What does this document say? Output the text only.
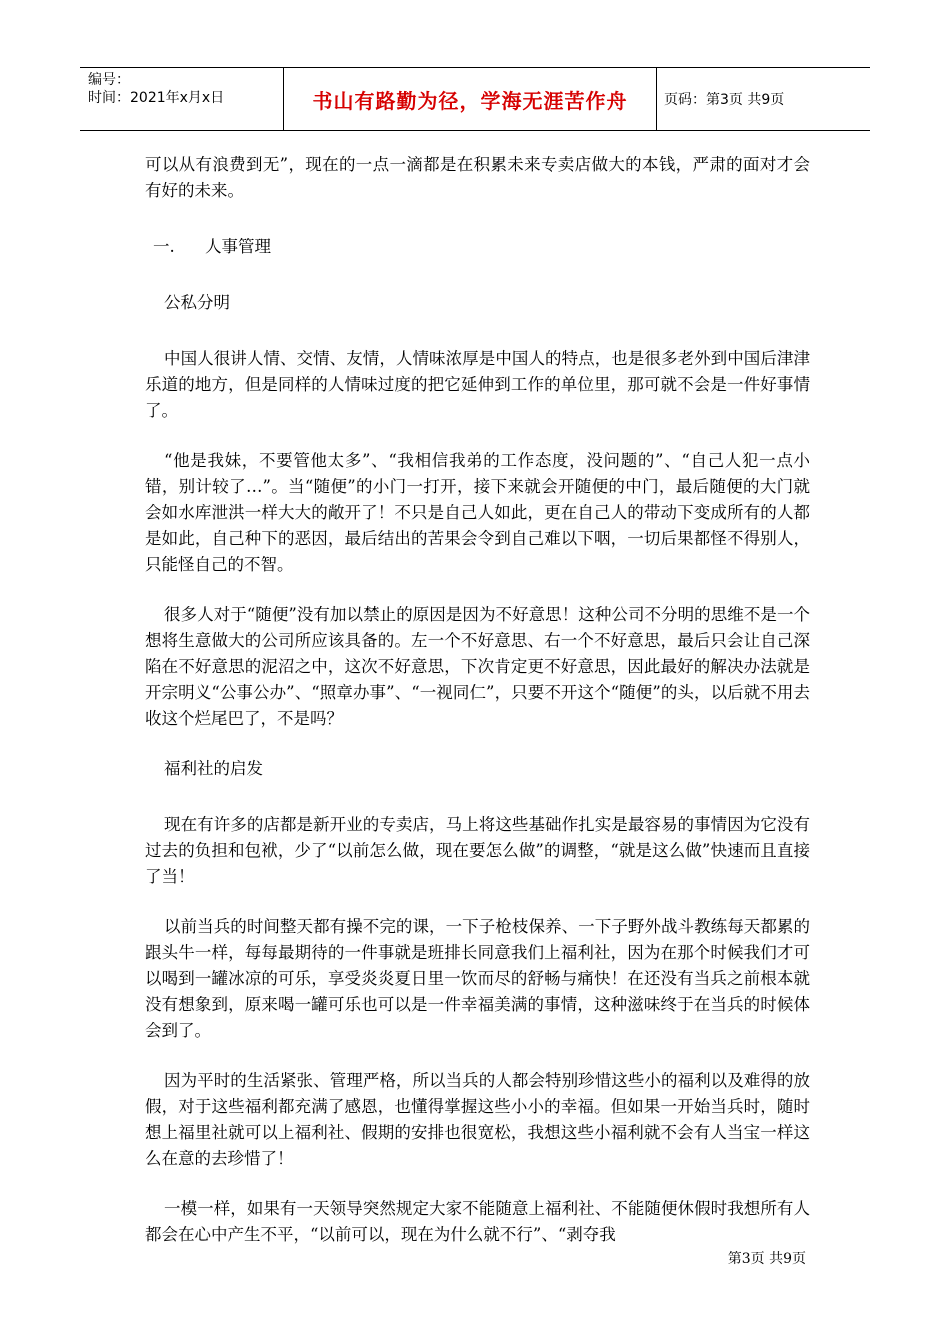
编号：
时间：2021年x月x日	书山有路勤为径，学海无涯苦作舟	页码：第3页 共9页

可以从有浪费到无”，现在的一点一滴都是在积累未来专卖店做大的本钱，严肃的面对才会有好的未来。

一. 人事管理

公私分明

中国人很讲人情、交情、友情，人情味浓厚是中国人的特点，也是很多老外到中国后津津乐道的地方，但是同样的人情味过度的把它延伸到工作的单位里，那可就不会是一件好事情了。

“他是我妹，不要管他太多”、“我相信我弟的工作态度，没问题的”、“自己人犯一点小错，别计较了…”。当“随便”的小门一打开，接下来就会开随便的中门，最后随便的大门就会如水库泄洪一样大大的敞开了！不只是自己人如此，更在自己人的带动下变成所有的人都是如此，自己种下的恶因，最后结出的苦果会令到自己难以下咽，一切后果都怪不得别人，只能怪自己的不智。

很多人对于“随便”没有加以禁止的原因是因为不好意思！这种公司不分明的思维不是一个想将生意做大的公司所应该具备的。左一个不好意思、右一个不好意思，最后只会让自己深陷在不好意思的泥沼之中，这次不好意思，下次肯定更不好意思，因此最好的解决办法就是开宗明义“公事公办”、“照章办事”、“一视同仁”，只要不开这个“随便”的头，以后就不用去收这个烂尾巴了，不是吗？

福利社的启发

现在有许多的店都是新开业的专卖店，马上将这些基础作扎实是最容易的事情因为它没有过去的负担和包袱，少了“以前怎么做，现在要怎么做”的调整，“就是这么做”快速而且直接了当！

以前当兵的时间整天都有操不完的课，一下子枪枝保养、一下子野外战斗教练每天都累的跟头牛一样，每每最期待的一件事就是班排长同意我们上福利社，因为在那个时候我们才可以喝到一罐冰凉的可乐，享受炎炎夏日里一饮而尽的舒畅与痛快！在还没有当兵之前根本就没有想象到，原来喝一罐可乐也可以是一件幸福美满的事情，这种滋味终于在当兵的时候体会到了。

因为平时的生活紧张、管理严格，所以当兵的人都会特别珍惜这些小的福利以及难得的放假，对于这些福利都充满了感恩，也懂得掌握这些小小的幸福。但如果一开始当兵时，随时想上福里社就可以上福利社、假期的安排也很宽松，我想这些小福利就不会有人当宝一样这么在意的去珍惜了！

一模一样，如果有一天领导突然规定大家不能随意上福利社、不能随便休假时我想所有人都会在心中产生不平，“以前可以，现在为什么就不行”、“剥夺我

第3页 共9页
